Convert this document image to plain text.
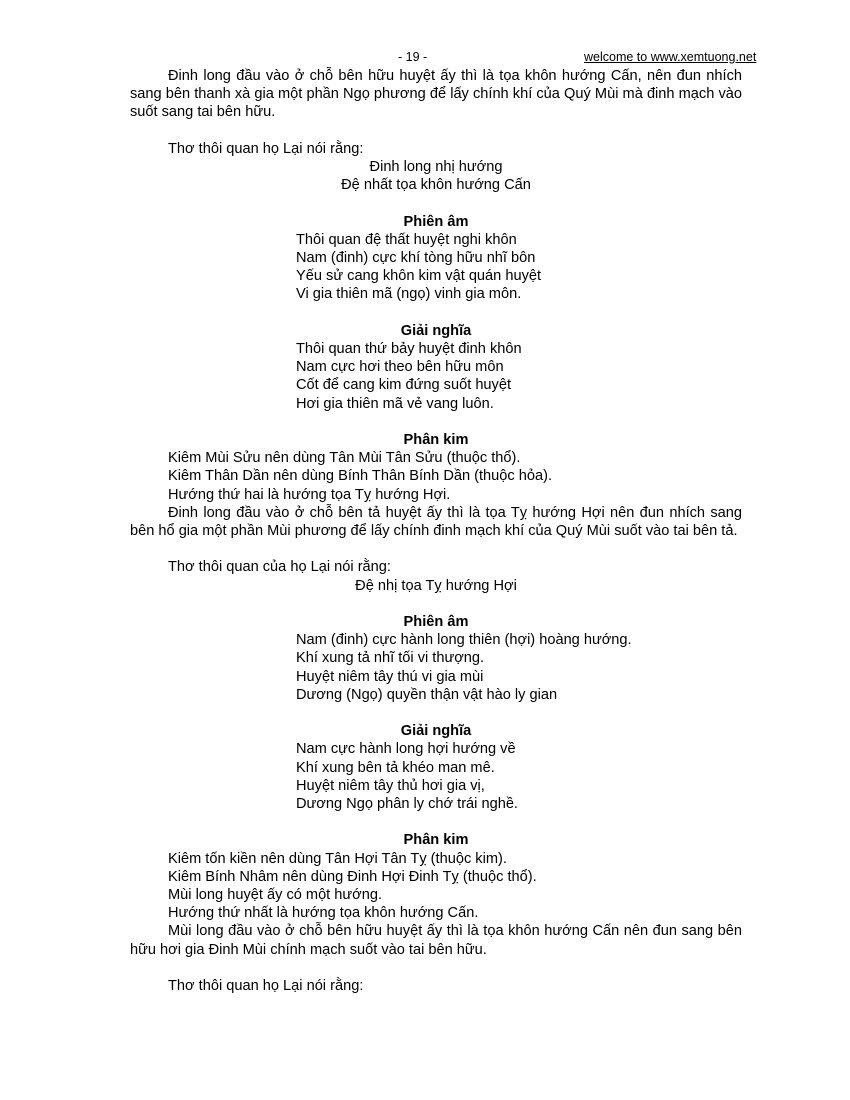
- 19 -	welcome to www.xemtuong.net

Đinh long đầu vào ở chỗ bên hữu huyệt ấy thì là tọa khôn hướng Cấn, nên đun nhích sang bên thanh xà gia một phần Ngọ phương để lấy chính khí của Quý Mùi mà đinh mạch vào suốt sang tai bên hữu.

Thơ thôi quan họ Lại nói rằng:

Đinh long nhị hướng

Đệ nhất tọa khôn hướng Cấn

Phiên âm

Thôi quan đệ thất huyệt nghi khôn

Nam (đinh) cực khí tòng hữu nhĩ bôn

Yếu sử cang khôn kim vật quán huyệt

Vi gia thiên mã (ngọ) vinh gia môn.

Giải nghĩa

Thôi quan thứ bảy huyệt đinh khôn

Nam cực hơi theo bên hữu môn

Cốt để cang kim đứng suốt huyệt

Hơi gia thiên mã vẻ vang luôn.

Phân kim

Kiêm Mùi Sửu nên dùng Tân Mùi Tân Sửu (thuộc thổ).

Kiêm Thân Dần nên dùng Bính Thân Bính Dần (thuộc hỏa).

Hướng thứ hai là hướng tọa Tỵ hướng Hợi.

Đinh long đầu vào ở chỗ bên tả huyệt ấy thì là tọa Tỵ hướng Hợi nên đun nhích sang bên hổ gia một phần Mùi phương để lấy chính đinh mạch khí của Quý Mùi suốt vào tai bên tả.

Thơ thôi quan của họ Lại nói rằng:

Đệ nhị tọa Tỵ hướng Hợi

Phiên âm

Nam (đinh) cực hành long thiên (hợi) hoàng hướng.

Khí xung tả nhĩ tối vi thượng.

Huyệt niêm tây thú vi gia mùi

Dương (Ngọ) quyền thận vật hào ly gian

Giải nghĩa

Nam cực hành long hợi hướng về

Khí xung bên tả khéo man mê.

Huyệt niêm tây thủ hơi gia vị,

Dương Ngọ phân ly chớ trái nghề.

Phân kim

Kiêm tốn kiền nên dùng Tân Hợi Tân Tỵ (thuộc kim).

Kiêm Bính Nhâm nên dùng Đinh Hợi Đinh Tỵ (thuộc thổ).

Mùi long huyệt ấy có một hướng.

Hướng thứ nhất là hướng tọa khôn hướng Cấn.

Mùi long đầu vào ở chỗ bên hữu huyệt ấy thì là tọa khôn hướng Cấn nên đun sang bên hữu hơi gia Đinh Mùi chính mạch suốt vào tai bên hữu.

Thơ thôi quan họ Lại nói rằng:
